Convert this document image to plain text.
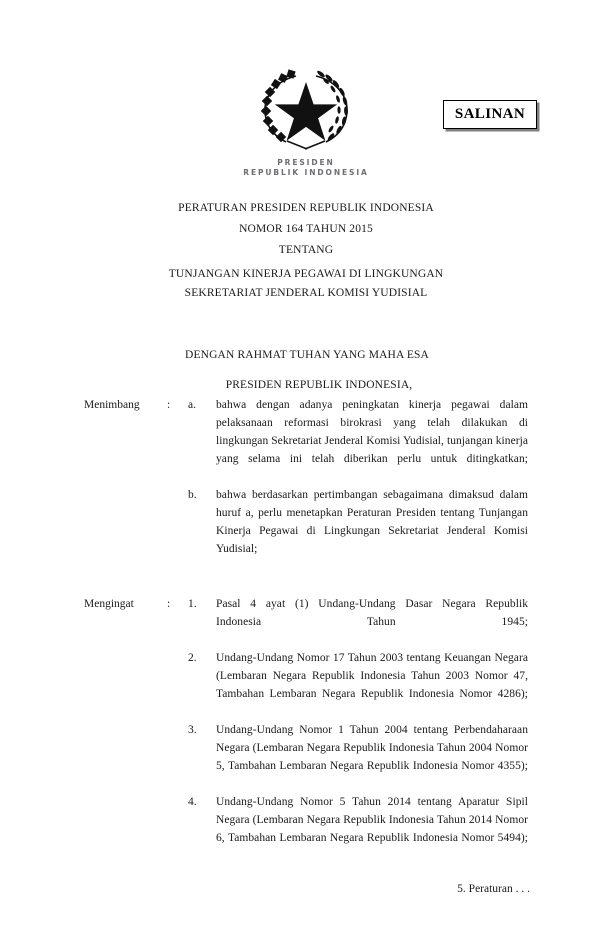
PRESIDEN
REPUBLIK INDONESIA
SALINAN
PERATURAN PRESIDEN REPUBLIK INDONESIA
NOMOR 164 TAHUN 2015
TENTANG
TUNJANGAN KINERJA PEGAWAI DI LINGKUNGAN
SEKRETARIAT JENDERAL KOMISI YUDISIAL
DENGAN RAHMAT TUHAN YANG MAHA ESA
PRESIDEN REPUBLIK INDONESIA,
Menimbang	: a.	bahwa dengan adanya peningkatan kinerja pegawai dalam pelaksanaan reformasi birokrasi yang telah dilakukan di lingkungan Sekretariat Jenderal Komisi Yudisial, tunjangan kinerja yang selama ini telah diberikan perlu untuk ditingkatkan;
b.	bahwa berdasarkan pertimbangan sebagaimana dimaksud dalam huruf a, perlu menetapkan Peraturan Presiden tentang Tunjangan Kinerja Pegawai di Lingkungan Sekretariat Jenderal Komisi Yudisial;
Mengingat	: 1.	Pasal 4 ayat (1) Undang-Undang Dasar Negara Republik Indonesia Tahun 1945;
2.	Undang-Undang Nomor 17 Tahun 2003 tentang Keuangan Negara (Lembaran Negara Republik Indonesia Tahun 2003 Nomor 47, Tambahan Lembaran Negara Republik Indonesia Nomor 4286);
3.	Undang-Undang Nomor 1 Tahun 2004 tentang Perbendaharaan Negara (Lembaran Negara Republik Indonesia Tahun 2004 Nomor 5, Tambahan Lembaran Negara Republik Indonesia Nomor 4355);
4.	Undang-Undang Nomor 5 Tahun 2014 tentang Aparatur Sipil Negara (Lembaran Negara Republik Indonesia Tahun 2014 Nomor 6, Tambahan Lembaran Negara Republik Indonesia Nomor 5494);
5. Peraturan . . .
